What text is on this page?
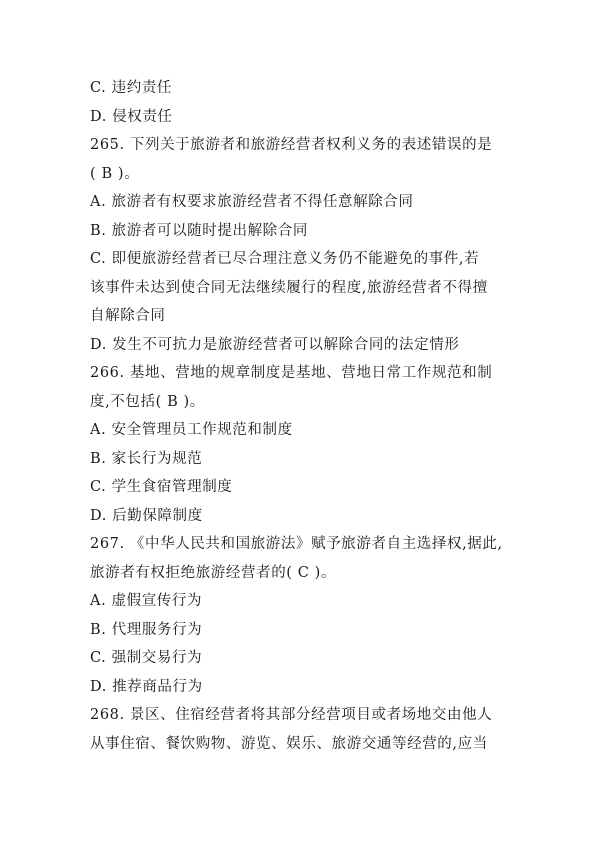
C. 违约责任
D. 侵权责任
265. 下列关于旅游者和旅游经营者权利义务的表述错误的是
( B )。
A. 旅游者有权要求旅游经营者不得任意解除合同
B. 旅游者可以随时提出解除合同
C. 即便旅游经营者已尽合理注意义务仍不能避免的事件,若
该事件未达到使合同无法继续履行的程度,旅游经营者不得擅
自解除合同
D. 发生不可抗力是旅游经营者可以解除合同的法定情形
266. 基地、营地的规章制度是基地、营地日常工作规范和制
度,不包括( B )。
A. 安全管理员工作规范和制度
B. 家长行为规范
C. 学生食宿管理制度
D. 后勤保障制度
267. 《中华人民共和国旅游法》赋予旅游者自主选择权,据此,
旅游者有权拒绝旅游经营者的( C )。
A. 虚假宣传行为
B. 代理服务行为
C. 强制交易行为
D. 推荐商品行为
268. 景区、住宿经营者将其部分经营项目或者场地交由他人
从事住宿、餐饮购物、游览、娱乐、旅游交通等经营的,应当
